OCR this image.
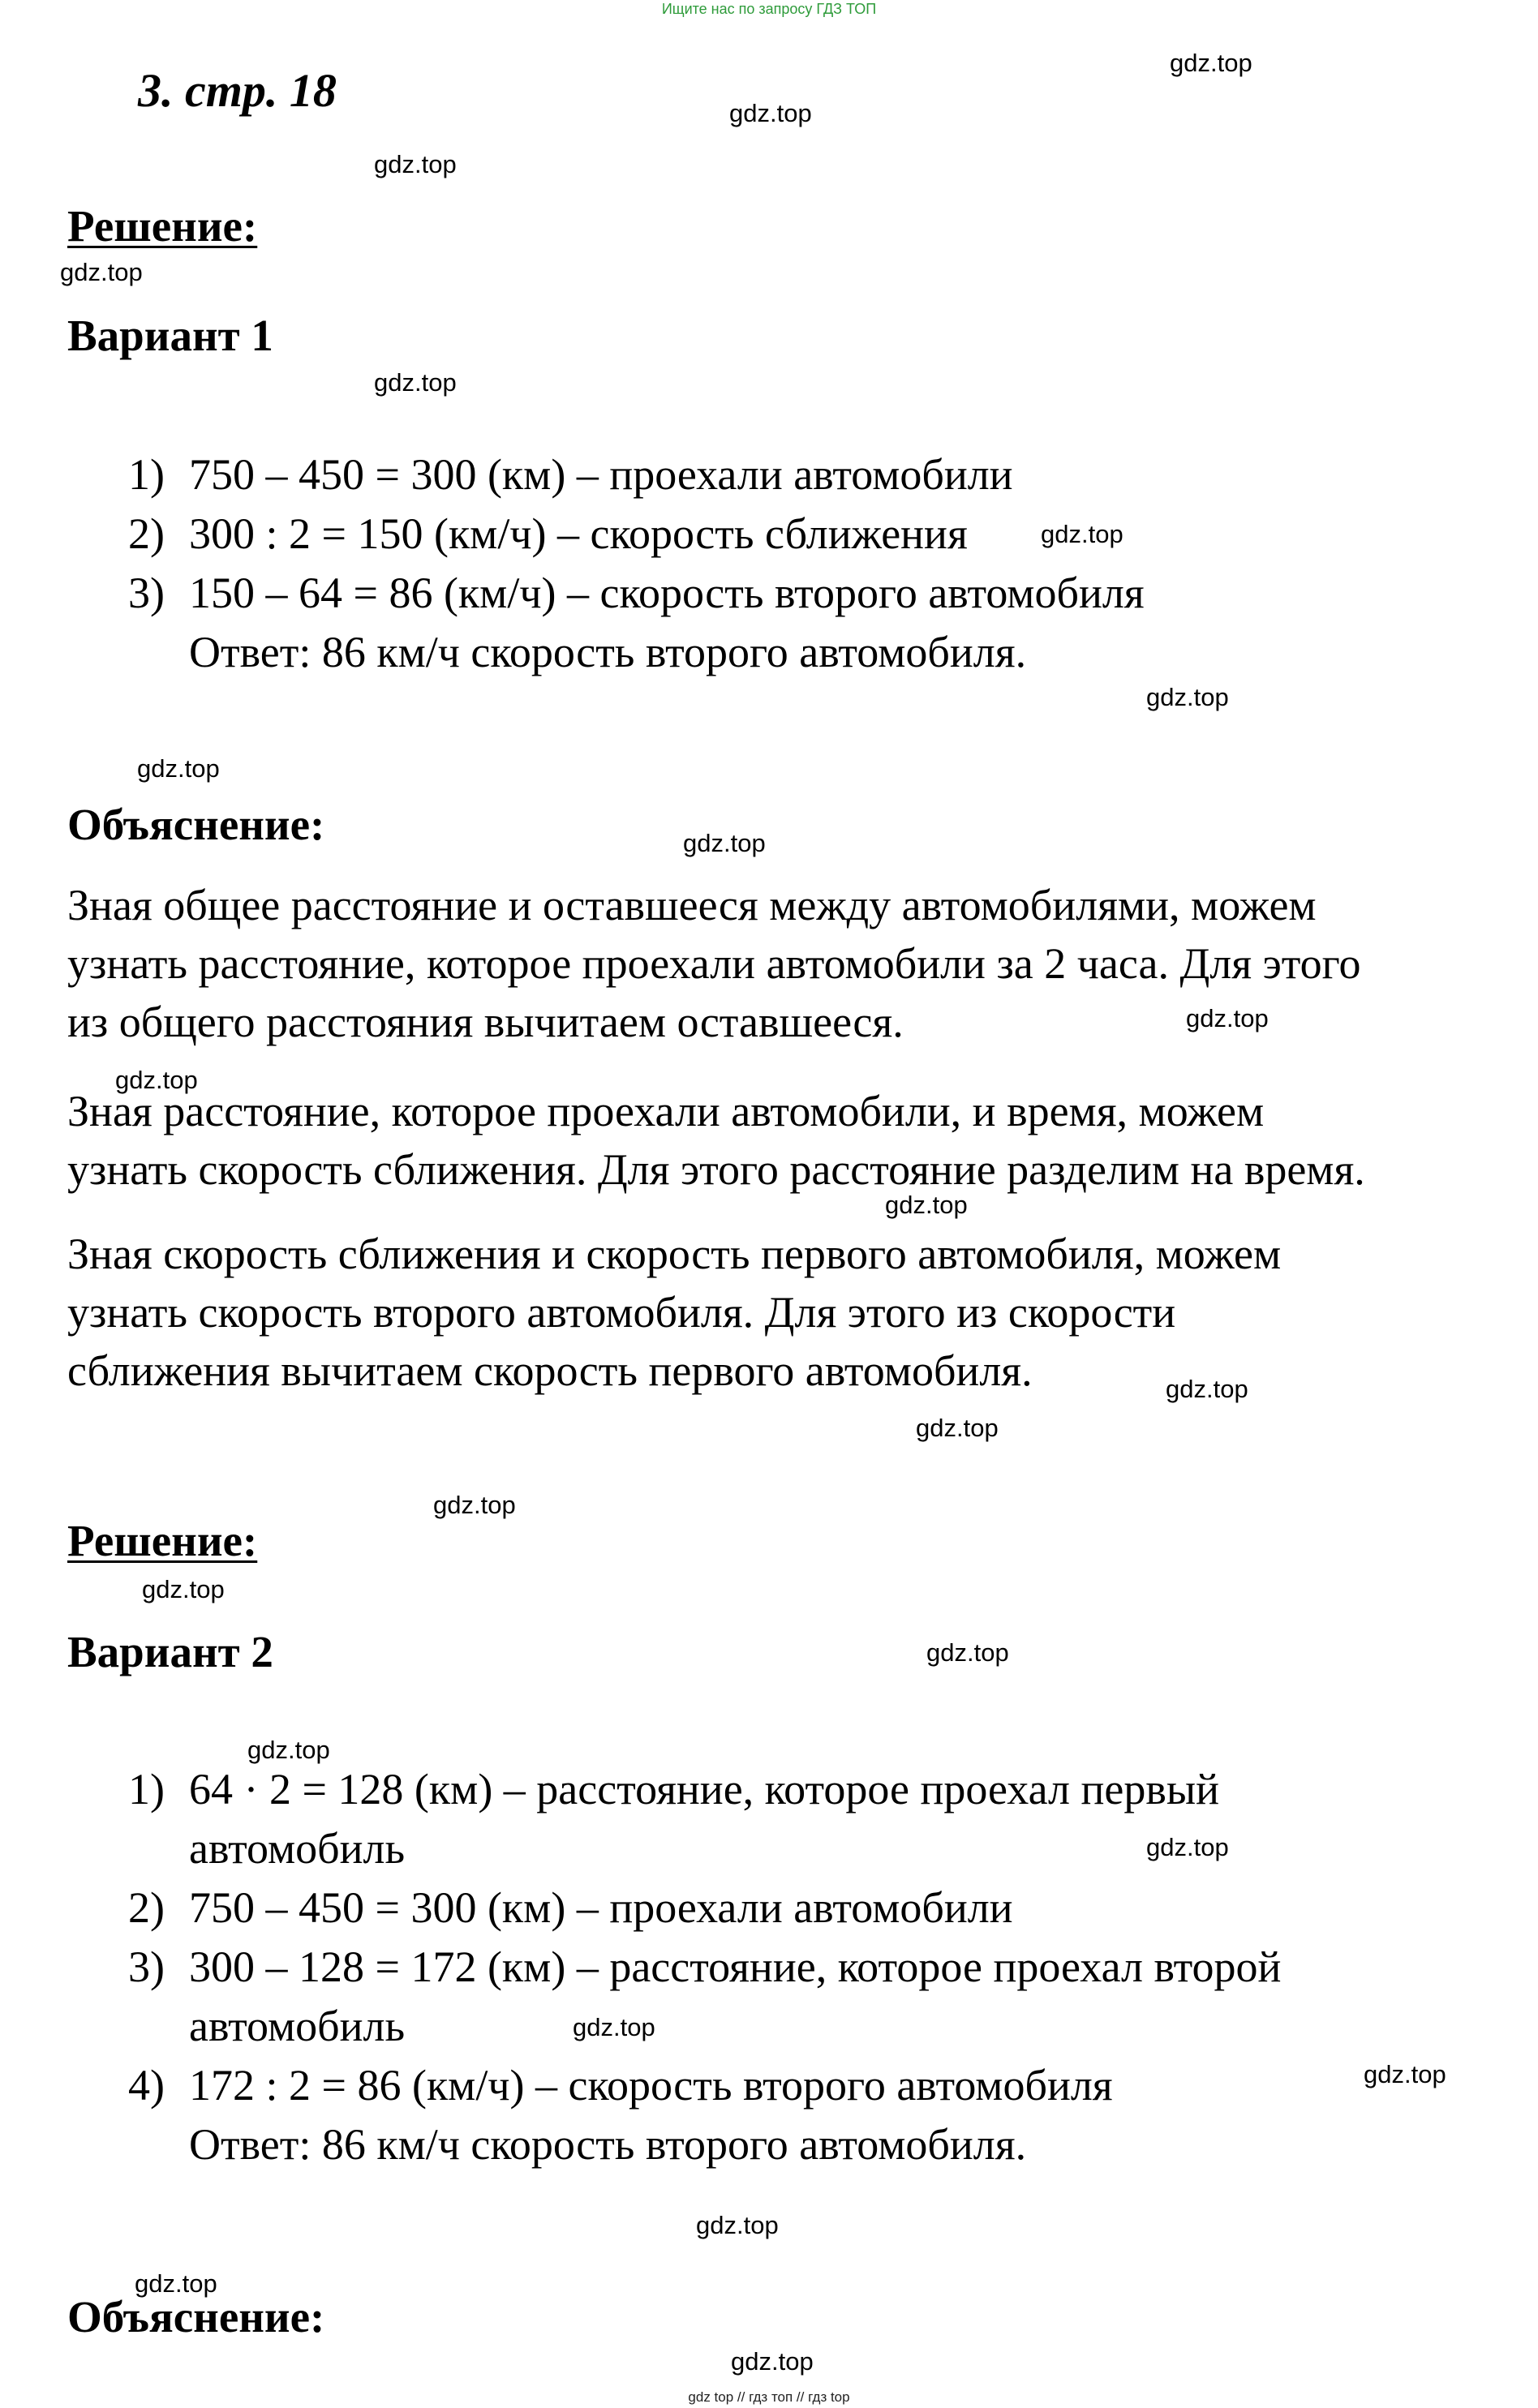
Ищите нас по запросу ГДЗ ТОП
3. стр. 18
Решение:
Вариант 1
1) 750 – 450 = 300 (км) – проехали автомобили
2) 300 : 2 = 150 (км/ч) – скорость сближения
3) 150 – 64 = 86 (км/ч) – скорость второго автомобиля
Ответ: 86 км/ч скорость второго автомобиля.
Объяснение:
Зная общее расстояние и оставшееся между автомобилями, можем
узнать расстояние, которое проехали автомобили за 2 часа. Для этого
из общего расстояния вычитаем оставшееся.
Зная расстояние, которое проехали автомобили, и время, можем
узнать скорость сближения. Для этого расстояние разделим на время.
Зная скорость сближения и скорость первого автомобиля, можем
узнать скорость второго автомобиля. Для этого из скорости
сближения вычитаем скорость первого автомобиля.
Решение:
Вариант 2
1) 64 · 2 = 128 (км) – расстояние, которое проехал первый
автомобиль
2) 750 – 450 = 300 (км) – проехали автомобили
3) 300 – 128 = 172 (км) – расстояние, которое проехал второй
автомобиль
4) 172 : 2 = 86 (км/ч) – скорость второго автомобиля
Ответ: 86 км/ч скорость второго автомобиля.
Объяснение:
gdz.top
gdz.top
gdz.top
gdz.top
gdz.top
gdz.top
gdz.top
gdz.top
gdz.top
gdz.top
gdz.top
gdz.top
gdz.top
gdz.top
gdz.top
gdz.top
gdz.top
gdz.top
gdz.top
gdz.top
gdz.top
gdz.top
gdz.top
gdz.top
gdz top // гдз топ // гдз top
